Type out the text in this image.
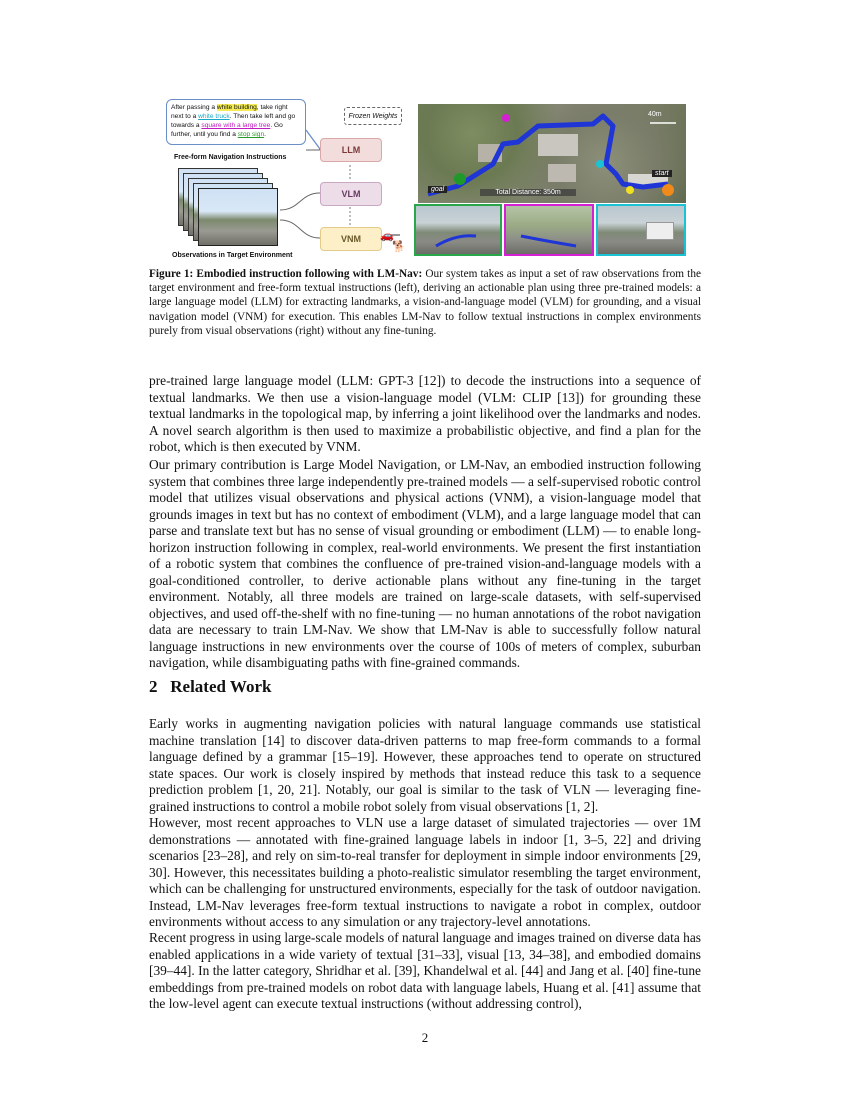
After passing a white building, take right next to a white truck. Then take left and go towards a square with a large tree. Go further, until you find a stop sign.
Free-form Navigation Instructions
Observations in Target Environment
Frozen Weights
LLM
VLM
VNM	🚗
🐕
40m
goal
start
Total Distance: 350m
Figure 1: Embodied instruction following with LM-Nav: Our system takes as input a set of raw observations from the target environment and free-form textual instructions (left), deriving an actionable plan using three pre-trained models: a large language model (LLM) for extracting landmarks, a vision-and-language model (VLM) for grounding, and a visual navigation model (VNM) for execution. This enables LM-Nav to follow textual instructions in complex environments purely from visual observations (right) without any fine-tuning.
pre-trained large language model (LLM: GPT-3 [12]) to decode the instructions into a sequence of textual landmarks. We then use a vision-language model (VLM: CLIP [13]) for grounding these textual landmarks in the topological map, by inferring a joint likelihood over the landmarks and nodes. A novel search algorithm is then used to maximize a probabilistic objective, and find a plan for the robot, which is then executed by VNM.
Our primary contribution is Large Model Navigation, or LM-Nav, an embodied instruction following system that combines three large independently pre-trained models — a self-supervised robotic control model that utilizes visual observations and physical actions (VNM), a vision-language model that grounds images in text but has no context of embodiment (VLM), and a large language model that can parse and translate text but has no sense of visual grounding or embodiment (LLM) — to enable long-horizon instruction following in complex, real-world environments. We present the first instantiation of a robotic system that combines the confluence of pre-trained vision-and-language models with a goal-conditioned controller, to derive actionable plans without any fine-tuning in the target environment. Notably, all three models are trained on large-scale datasets, with self-supervised objectives, and used off-the-shelf with no fine-tuning — no human annotations of the robot navigation data are necessary to train LM-Nav. We show that LM-Nav is able to successfully follow natural language instructions in new environments over the course of 100s of meters of complex, suburban navigation, while disambiguating paths with fine-grained commands.
2 Related Work
Early works in augmenting navigation policies with natural language commands use statistical machine translation [14] to discover data-driven patterns to map free-form commands to a formal language defined by a grammar [15–19]. However, these approaches tend to operate on structured state spaces. Our work is closely inspired by methods that instead reduce this task to a sequence prediction problem [1, 20, 21]. Notably, our goal is similar to the task of VLN — leveraging fine-grained instructions to control a mobile robot solely from visual observations [1, 2].
However, most recent approaches to VLN use a large dataset of simulated trajectories — over 1M demonstrations — annotated with fine-grained language labels in indoor [1, 3–5, 22] and driving scenarios [23–28], and rely on sim-to-real transfer for deployment in simple indoor environments [29, 30]. However, this necessitates building a photo-realistic simulator resembling the target environment, which can be challenging for unstructured environments, especially for the task of outdoor navigation. Instead, LM-Nav leverages free-form textual instructions to navigate a robot in complex, outdoor environments without access to any simulation or any trajectory-level annotations.
Recent progress in using large-scale models of natural language and images trained on diverse data has enabled applications in a wide variety of textual [31–33], visual [13, 34–38], and embodied domains [39–44]. In the latter category, Shridhar et al. [39], Khandelwal et al. [44] and Jang et al. [40] fine-tune embeddings from pre-trained models on robot data with language labels, Huang et al. [41] assume that the low-level agent can execute textual instructions (without addressing control),
2
